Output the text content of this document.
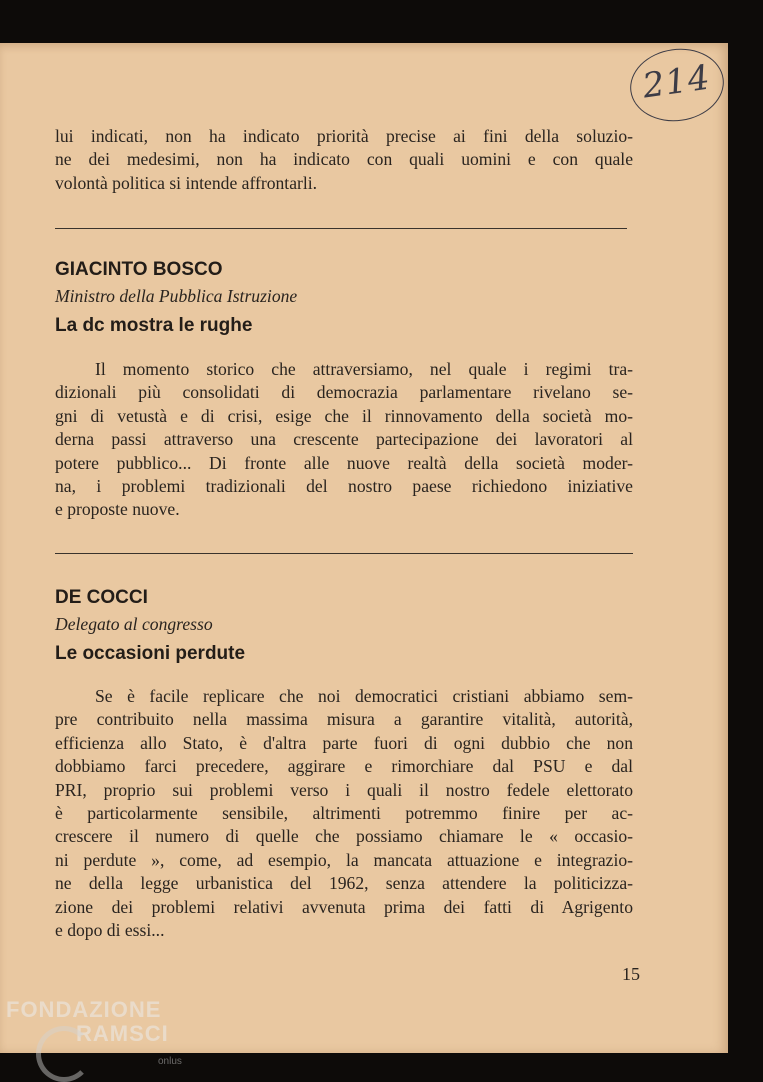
214
lui indicati, non ha indicato priorità precise ai fini della soluzio-
ne dei medesimi, non ha indicato con quali uomini e con quale
volontà politica si intende affrontarli.
GIACINTO BOSCO
Ministro della Pubblica Istruzione
La dc mostra le rughe
Il momento storico che attraversiamo, nel quale i regimi tra-
dizionali più consolidati di democrazia parlamentare rivelano se-
gni di vetustà e di crisi, esige che il rinnovamento della società mo-
derna passi attraverso una crescente partecipazione dei lavoratori al
potere pubblico... Di fronte alle nuove realtà della società moder-
na, i problemi tradizionali del nostro paese richiedono iniziative
e proposte nuove.
DE COCCI
Delegato al congresso
Le occasioni perdute
Se è facile replicare che noi democratici cristiani abbiamo sem-
pre contribuito nella massima misura a garantire vitalità, autorità,
efficienza allo Stato, è d'altra parte fuori di ogni dubbio che non
dobbiamo farci precedere, aggirare e rimorchiare dal PSU e dal
PRI, proprio sui problemi verso i quali il nostro fedele elettorato
è particolarmente sensibile, altrimenti potremmo finire per ac-
crescere il numero di quelle che possiamo chiamare le « occasio-
ni perdute », come, ad esempio, la mancata attuazione e integrazio-
ne della legge urbanistica del 1962, senza attendere la politicizza-
zione dei problemi relativi avvenuta prima dei fatti di Agrigento
e dopo di essi...
15
FONDAZIONE
RAMSCI
onlus
